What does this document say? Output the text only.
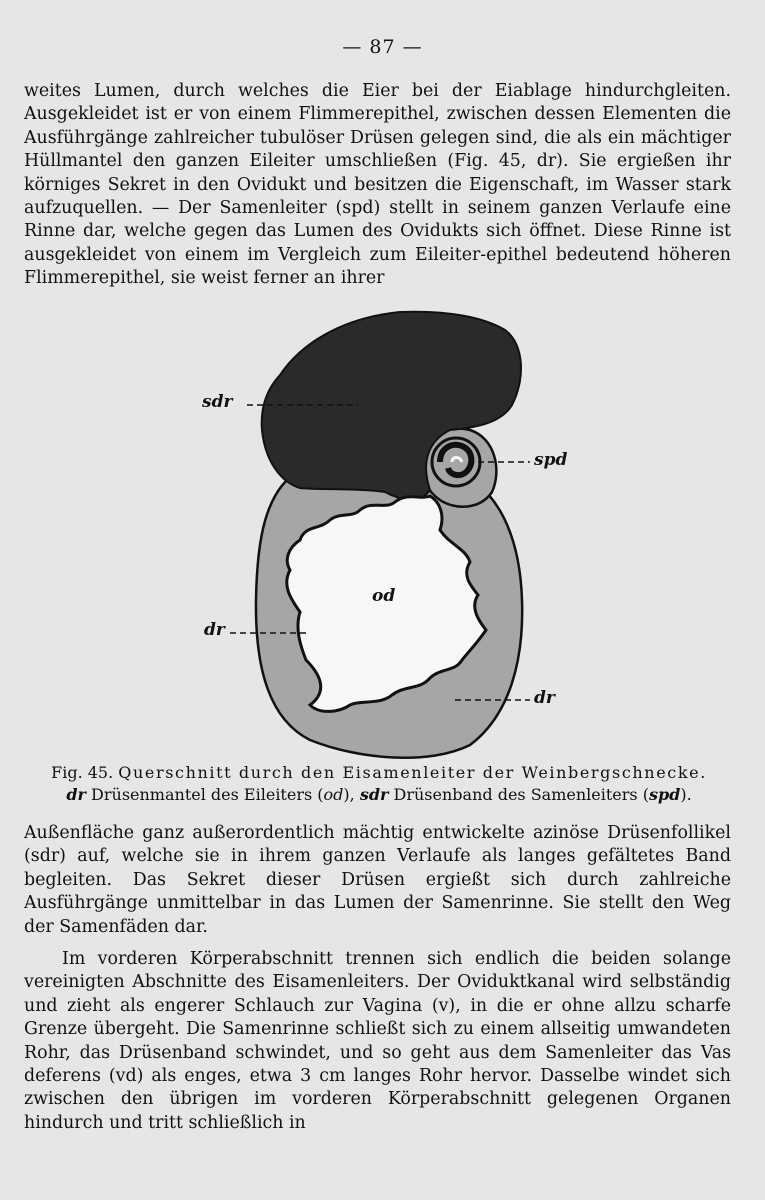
— 87 —

weites Lumen, durch welches die Eier bei der Eiablage hindurchgleiten. Ausgekleidet ist er von einem Flimmerepithel, zwischen dessen Elementen die Ausführgänge zahlreicher tubulöser Drüsen gelegen sind, die als ein mächtiger Hüllmantel den ganzen Eileiter umschließen (Fig. 45, dr). Sie ergießen ihr körniges Sekret in den Ovidukt und besitzen die Eigenschaft, im Wasser stark aufzuquellen. — Der Samenleiter (spd) stellt in seinem ganzen Verlaufe eine Rinne dar, welche gegen das Lumen des Ovidukts sich öffnet. Diese Rinne ist ausgekleidet von einem im Vergleich zum Eileiter-epithel bedeutend höheren Flimmerepithel, sie weist ferner an ihrer

sdr
spd
od
dr
dr
Fig. 45. Querschnitt durch den Eisamenleiter der Weinbergschnecke.
dr Drüsenmantel des Eileiters (od), sdr Drüsenband des Samenleiters (spd).

Außenfläche ganz außerordentlich mächtig entwickelte azinöse Drüsenfollikel (sdr) auf, welche sie in ihrem ganzen Verlaufe als langes gefältetes Band begleiten. Das Sekret dieser Drüsen ergießt sich durch zahlreiche Ausführgänge unmittelbar in das Lumen der Samenrinne. Sie stellt den Weg der Samenfäden dar.

Im vorderen Körperabschnitt trennen sich endlich die beiden solange vereinigten Abschnitte des Eisamenleiters. Der Oviduktkanal wird selbständig und zieht als engerer Schlauch zur Vagina (v), in die er ohne allzu scharfe Grenze übergeht. Die Samenrinne schließt sich zu einem allseitig umwandeten Rohr, das Drüsenband schwindet, und so geht aus dem Samenleiter das Vas deferens (vd) als enges, etwa 3 cm langes Rohr hervor. Dasselbe windet sich zwischen den übrigen im vorderen Körperabschnitt gelegenen Organen hindurch und tritt schließlich in
